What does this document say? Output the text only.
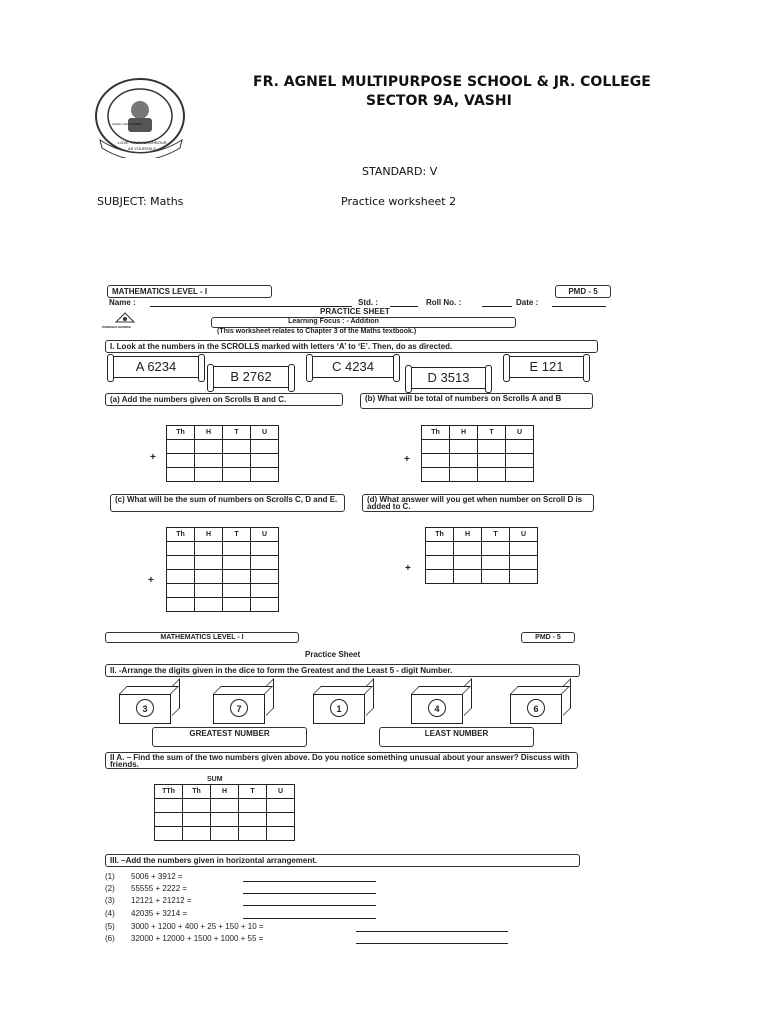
VASHI, NAVI MUMBAI
LOVE YOUR NEIGHBOUR
AS YOURSELF
FR. AGNEL MULTIPURPOSE SCHOOL & JR. COLLEGE
SECTOR 9A, VASHI
STANDARD: V
SUBJECT: Maths	Practice worksheet 2
MATHEMATICS LEVEL - I	PMD - 5
Name :	Std. :	Roll No. :	Date :
PRACTICE SHEET
PARIKSHA KENDRA
Learning Focus : - Addition
(This worksheet relates to Chapter 3 of the Maths textbook.)
I. Look at the numbers in the SCROLLS marked with letters ‘A’ to ‘E’. Then, do as directed.
A 6234
B 2762
C 4234
D 3513
E 121
(a) Add the numbers given on Scrolls B and C.	(b) What will be total of numbers on Scrolls A and B
Th	H	T	U

+
Th	H	T	U

+
(c) What will be the sum of numbers on Scrolls C, D and E.	(d) What answer will you get when number on Scroll D is added to C.
Th	H	T	U

+
Th	H	T	U

+
MATHEMATICS LEVEL - I	PMD - 5
Practice Sheet
II. -Arrange the digits given in the dice to form the Greatest and the Least 5 - digit Number.
3	7	1	4	6
GREATEST NUMBER	LEAST NUMBER
II A. – Find the sum of the two numbers given above. Do you notice something unusual about your answer? Discuss with friends.
SUM
TTh	Th	H	T	U

III. –Add the numbers given in horizontal arrangement.
(1) 5006 + 3912 =
(2) 55555 + 2222 =
(3) 12121 + 21212 =
(4) 42035 + 3214 =
(5) 3000 + 1200 + 400 + 25 + 150 + 10 =
(6) 32000 + 12000 + 1500 + 1000 + 55 =
